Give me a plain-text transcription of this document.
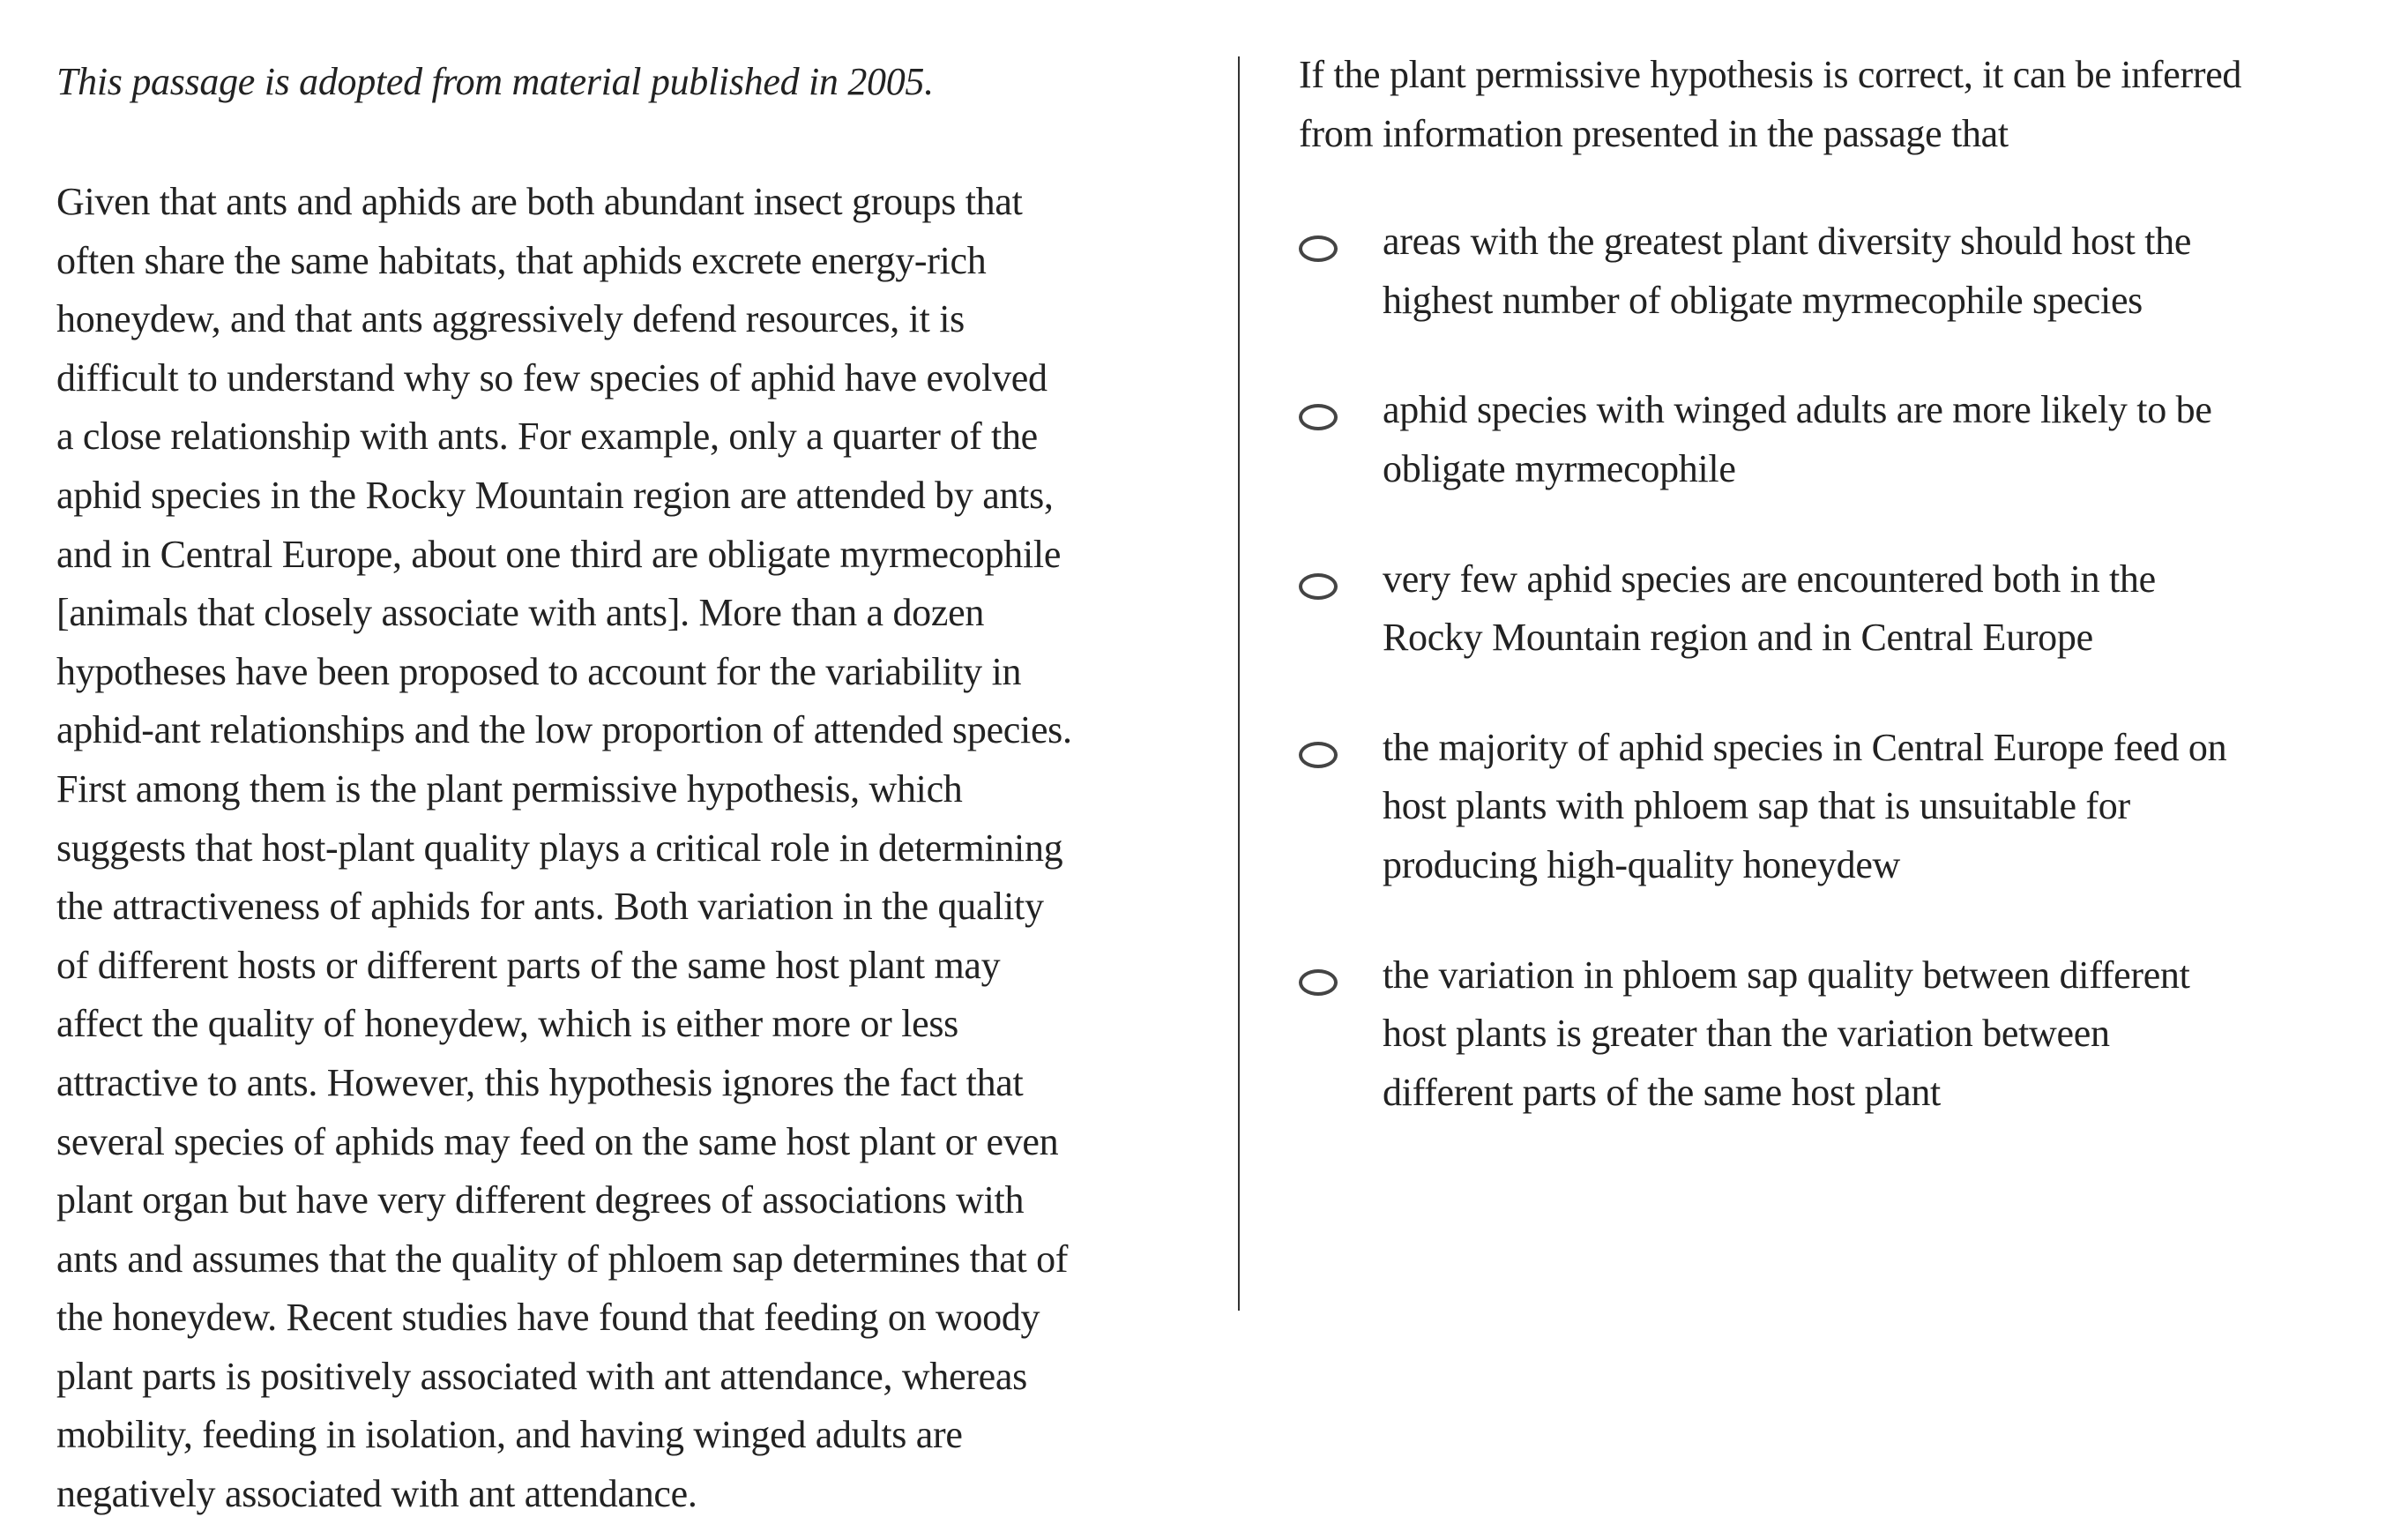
This passage is adopted from material published in 2005.

Given that ants and aphids are both abundant insect groups that
often share the same habitats, that aphids excrete energy-rich
honeydew, and that ants aggressively defend resources, it is
difficult to understand why so few species of aphid have evolved
a close relationship with ants. For example, only a quarter of the
aphid species in the Rocky Mountain region are attended by ants,
and in Central Europe, about one third are obligate myrmecophile
[animals that closely associate with ants]. More than a dozen
hypotheses have been proposed to account for the variability in
aphid-ant relationships and the low proportion of attended species.
First among them is the plant permissive hypothesis, which
suggests that host-plant quality plays a critical role in determining
the attractiveness of aphids for ants. Both variation in the quality
of different hosts or different parts of the same host plant may
affect the quality of honeydew, which is either more or less
attractive to ants. However, this hypothesis ignores the fact that
several species of aphids may feed on the same host plant or even
plant organ but have very different degrees of associations with
ants and assumes that the quality of phloem sap determines that of
the honeydew. Recent studies have found that feeding on woody
plant parts is positively associated with ant attendance, whereas
mobility, feeding in isolation, and having winged adults are
negatively associated with ant attendance.

If the plant permissive hypothesis is correct, it can be inferred
from information presented in the passage that

areas with the greatest plant diversity should host the
highest number of obligate myrmecophile species
aphid species with winged adults are more likely to be
obligate myrmecophile
very few aphid species are encountered both in the
Rocky Mountain region and in Central Europe
the majority of aphid species in Central Europe feed on
host plants with phloem sap that is unsuitable for
producing high-quality honeydew
the variation in phloem sap quality between different
host plants is greater than the variation between
different parts of the same host plant
